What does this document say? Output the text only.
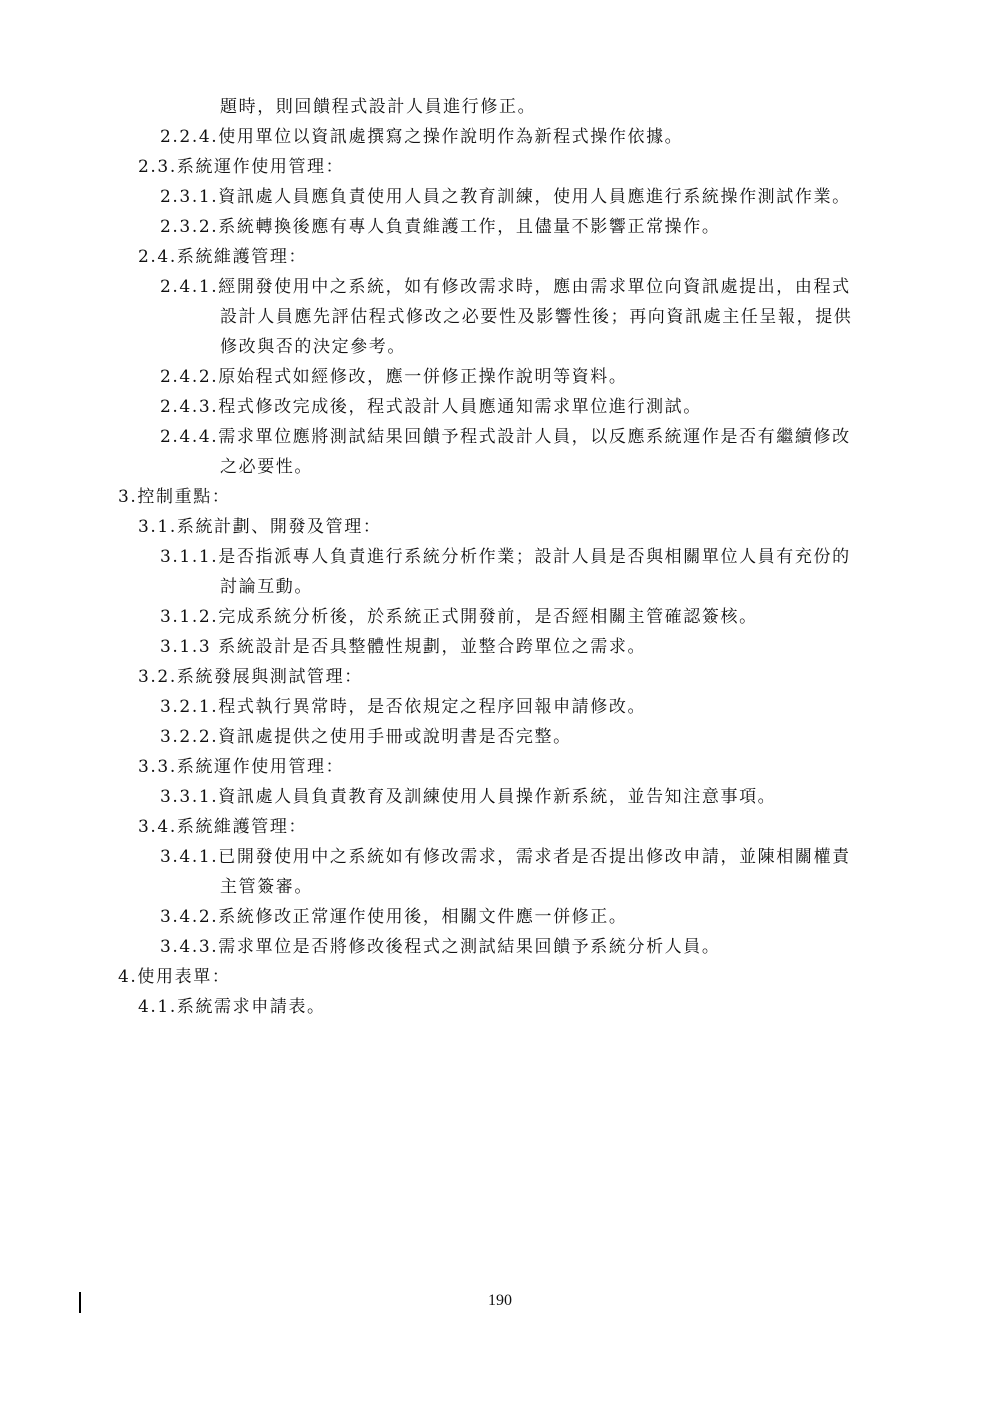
題時，則回饋程式設計人員進行修正。
2.2.4.使用單位以資訊處撰寫之操作說明作為新程式操作依據。
2.3.系統運作使用管理：
2.3.1.資訊處人員應負責使用人員之教育訓練，使用人員應進行系統操作測試作業。
2.3.2.系統轉換後應有專人負責維護工作，且儘量不影響正常操作。
2.4.系統維護管理：
2.4.1.經開發使用中之系統，如有修改需求時，應由需求單位向資訊處提出，由程式
設計人員應先評估程式修改之必要性及影響性後；再向資訊處主任呈報，提供
修改與否的決定參考。
2.4.2.原始程式如經修改，應一併修正操作說明等資料。
2.4.3.程式修改完成後，程式設計人員應通知需求單位進行測試。
2.4.4.需求單位應將測試結果回饋予程式設計人員，以反應系統運作是否有繼續修改
之必要性。
3.控制重點：
3.1.系統計劃、開發及管理：
3.1.1.是否指派專人負責進行系統分析作業；設計人員是否與相關單位人員有充份的
討論互動。
3.1.2.完成系統分析後，於系統正式開發前，是否經相關主管確認簽核。
3.1.3 系統設計是否具整體性規劃，並整合跨單位之需求。
3.2.系統發展與測試管理：
3.2.1.程式執行異常時，是否依規定之程序回報申請修改。
3.2.2.資訊處提供之使用手冊或說明書是否完整。
3.3.系統運作使用管理：
3.3.1.資訊處人員負責教育及訓練使用人員操作新系統，並告知注意事項。
3.4.系統維護管理：
3.4.1.已開發使用中之系統如有修改需求，需求者是否提出修改申請，並陳相關權責
主管簽審。
3.4.2.系統修改正常運作使用後，相關文件應一併修正。
3.4.3.需求單位是否將修改後程式之測試結果回饋予系統分析人員。
4.使用表單：
4.1.系統需求申請表。
190
